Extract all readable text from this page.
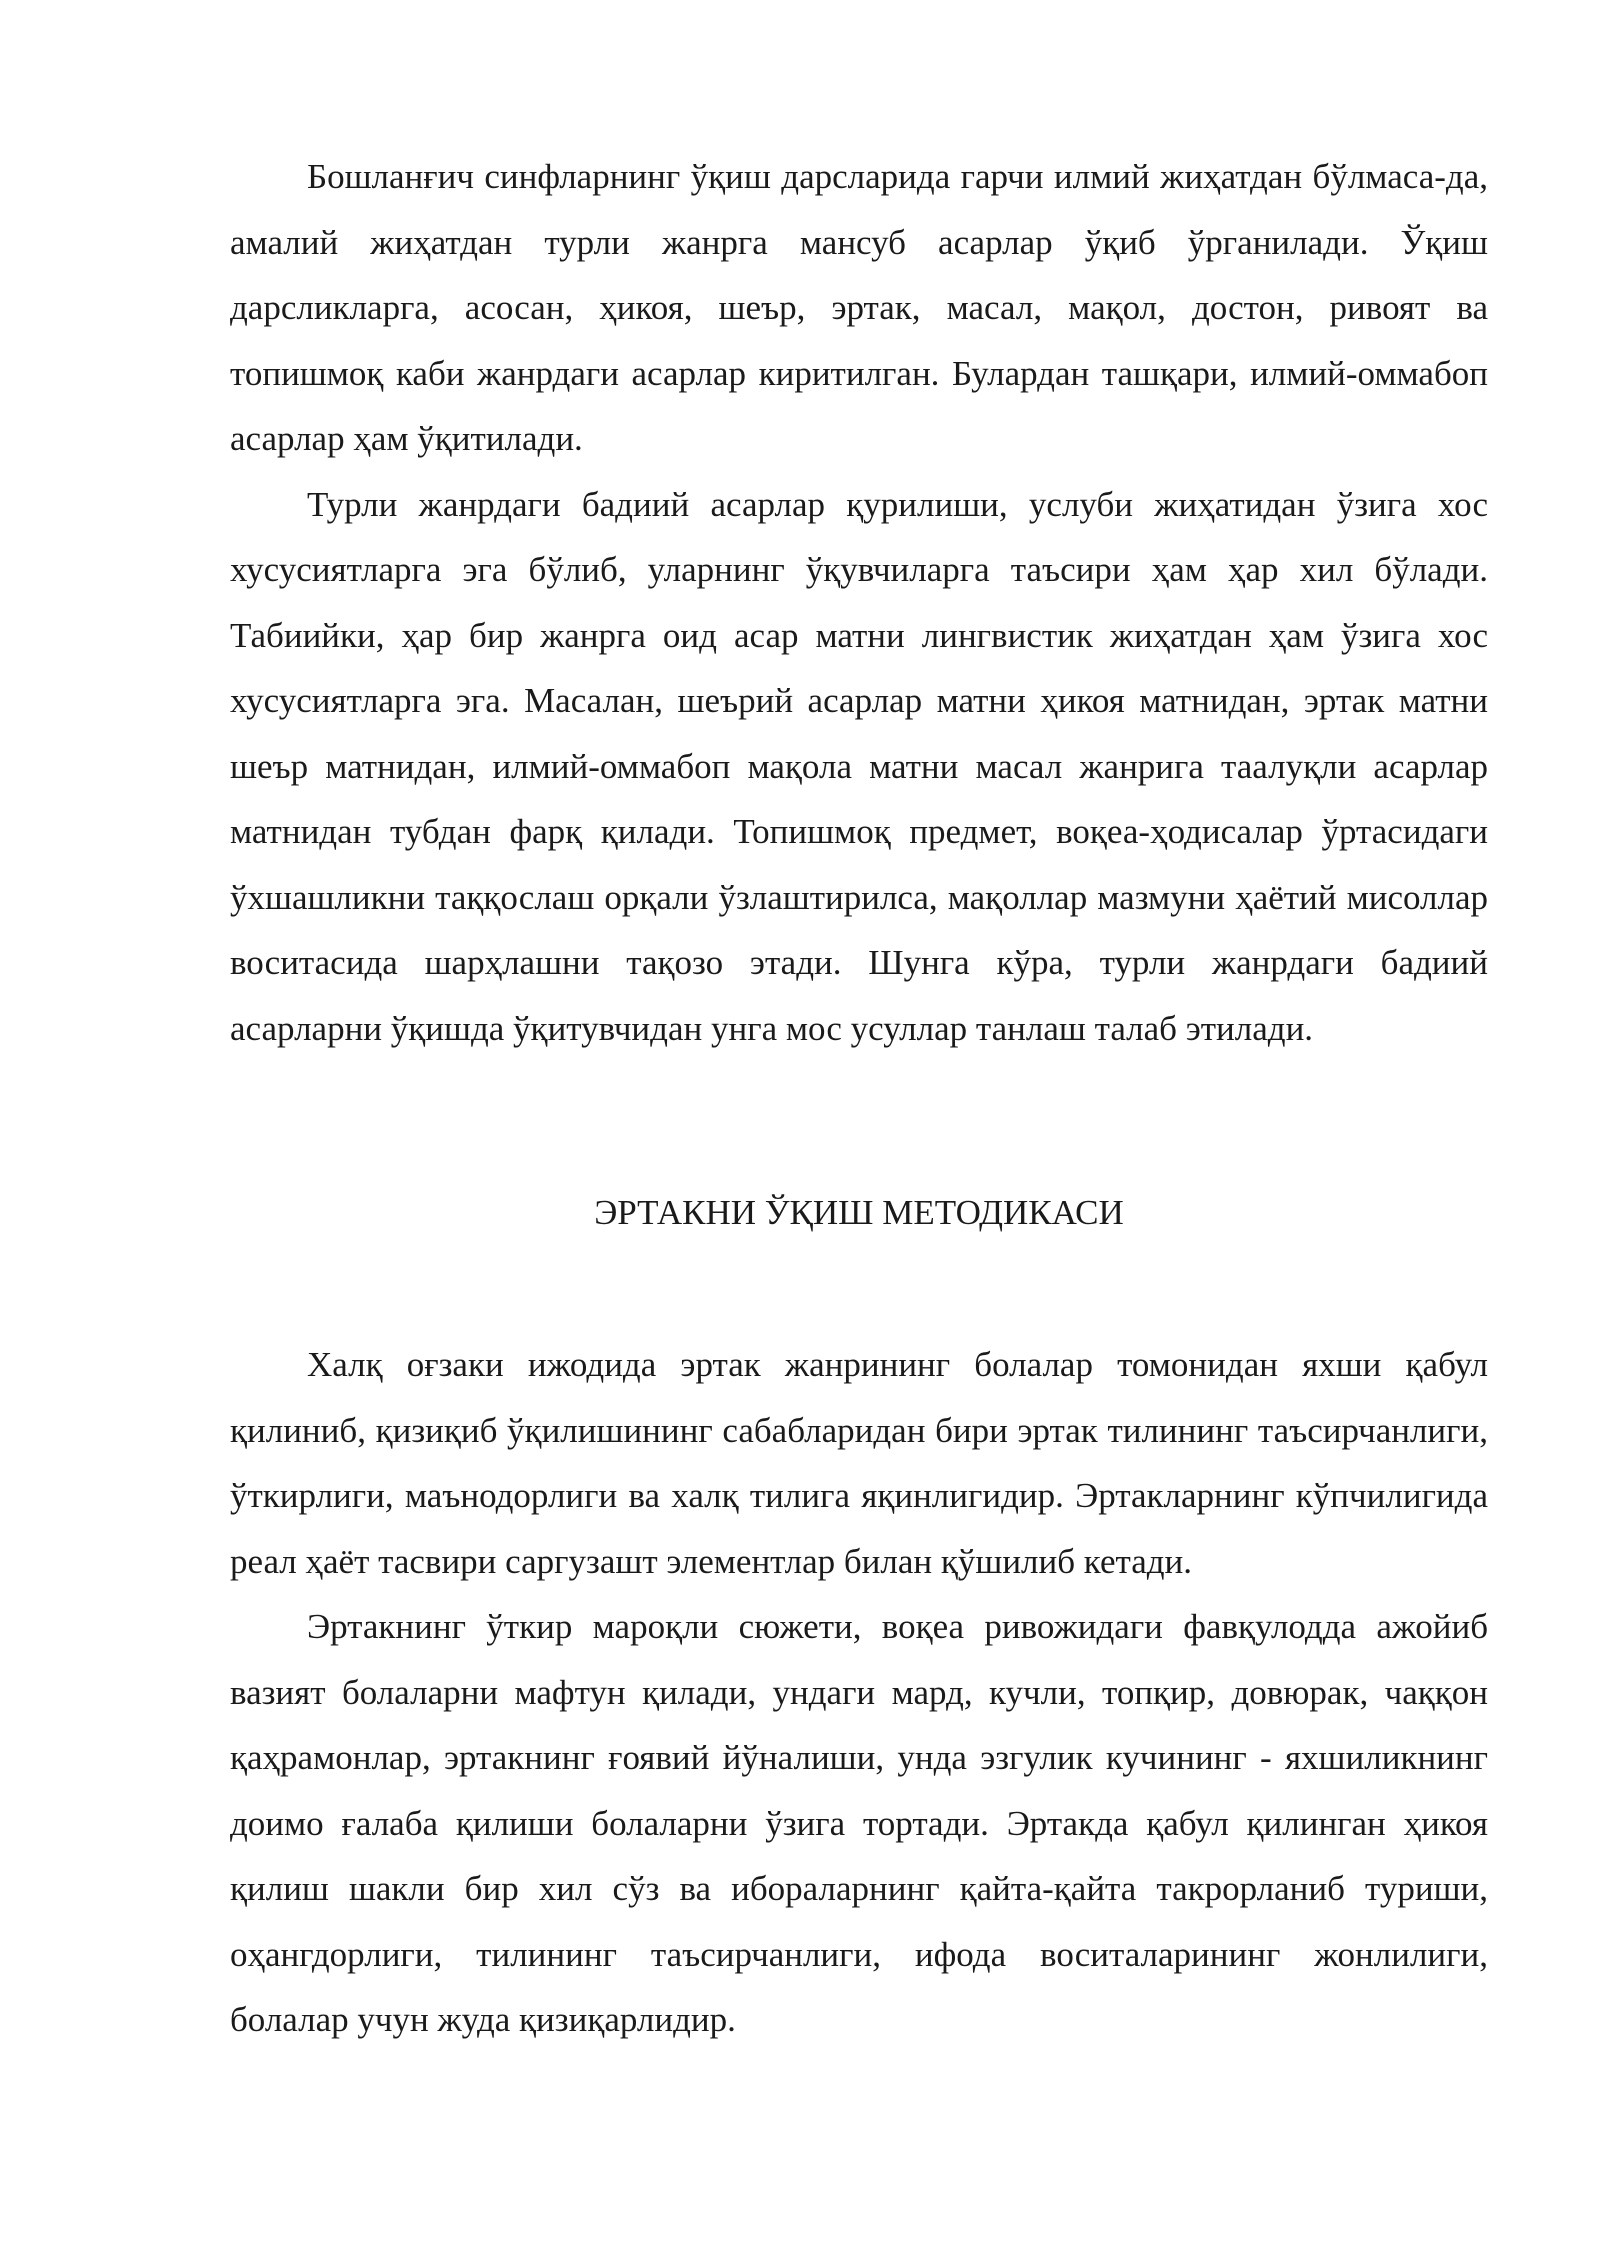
Бошланғич синфларнинг ўқиш дарсларида гарчи илмий жиҳатдан бўлмаса-да, амалий жиҳатдан турли жанрга мансуб асарлар ўқиб ўрганилади. Ўқиш дарсликларга, асосан, ҳикоя, шеър, эртак, масал, мақол, достон, ривоят ва топишмоқ каби жанрдаги асарлар киритилган. Булардан ташқари, илмий-оммабоп асарлар ҳам ўқитилади.

Турли жанрдаги бадиий асарлар қурилиши, услуби жиҳатидан ўзига хос хусусиятларга эга бўлиб, уларнинг ўқувчиларга таъсири ҳам ҳар хил бўлади. Табиийки, ҳар бир жанрга оид асар матни лингвистик жиҳатдан ҳам ўзига хос хусусиятларга эга. Масалан, шеърий асарлар матни ҳикоя матнидан, эртак матни шеър матнидан, илмий-оммабоп мақола матни масал жанрига таалуқли асарлар матнидан тубдан фарқ қилади. Топишмоқ предмет, воқеа-ҳодисалар ўртасидаги ўхшашликни таққослаш орқали ўзлаштирилса, мақоллар мазмуни ҳаётий мисоллар воситасида шарҳлашни тақозо этади. Шунга кўра, турли жанрдаги бадиий асарларни ўқишда ўқитувчидан унга мос усуллар танлаш талаб этилади.

ЭРТАКНИ ЎҚИШ МЕТОДИКАСИ

Халқ оғзаки ижодида эртак жанрининг болалар томонидан яхши қабул қилиниб, қизиқиб ўқилишининг сабабларидан бири эртак тилининг таъсирчанлиги, ўткирлиги, маънодорлиги ва халқ тилига яқинлигидир. Эртакларнинг кўпчилигида реал ҳаёт тасвири саргузашт элементлар билан қўшилиб кетади.

Эртакнинг ўткир мароқли сюжети, воқеа ривожидаги фавқулодда ажойиб вазият болаларни мафтун қилади, ундаги мард, кучли, топқир, довюрак, чаққон қаҳрамонлар, эртакнинг ғоявий йўналиши, унда эзгулик кучининг - яхшиликнинг доимо ғалаба қилиши болаларни ўзига тортади. Эртакда қабул қилинган ҳикоя қилиш шакли бир хил сўз ва ибораларнинг қайта-қайта такрорланиб туриши, оҳангдорлиги, тилининг таъсирчанлиги, ифода воситаларининг жонлилиги, болалар учун жуда қизиқарлидир.
